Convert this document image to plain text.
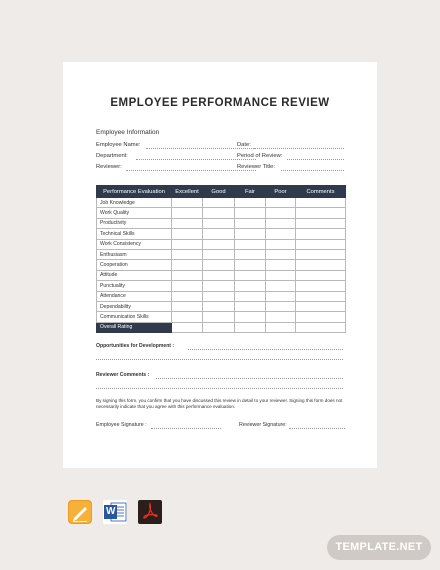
EMPLOYEE PERFORMANCE REVIEW
Employee Information
Employee Name:	Date:
Department:	Period of Review:
Reviewer:	Reviewer Title:
Performance Evaluation	Excellent	Good	Fair	Poor	Comments
Job Knowledge					
Work Quality					
Productivity					
Technical Skills					
Work Consistency					
Enthusiasm					
Cooperation					
Attitude					
Punctuality					
Attendance					
Dependability					
Communication Skills					
Overall Rating					
Opportunities for Development :
Reviewer Comments :
By signing this form, you confirm that you have discussed this review in detail to your reviewer. Signing this form does not necessarily indicate that you agree with this performance evaluation.
Employee Signature :	Reviewer Signature:
W
TEMPLATE.NET
